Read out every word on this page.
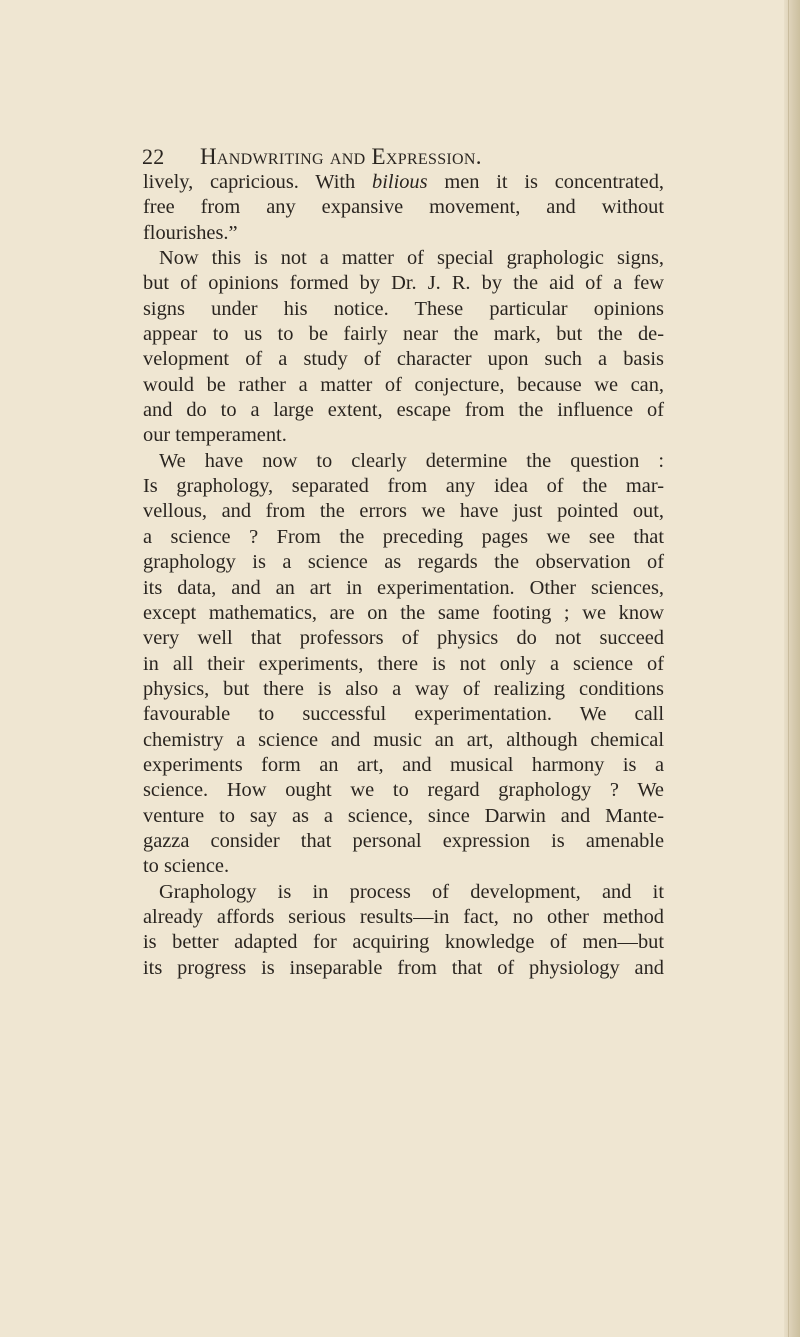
22 Handwriting and Expression.
lively, capricious. With bilious men it is concentrated,
free from any expansive movement, and without
flourishes.”
Now this is not a matter of special graphologic signs,
but of opinions formed by Dr. J. R. by the aid of a few
signs under his notice. These particular opinions
appear to us to be fairly near the mark, but the de-
velopment of a study of character upon such a basis
would be rather a matter of conjecture, because we can,
and do to a large extent, escape from the influence of
our temperament.
We have now to clearly determine the question :
Is graphology, separated from any idea of the mar-
vellous, and from the errors we have just pointed out,
a science ? From the preceding pages we see that
graphology is a science as regards the observation of
its data, and an art in experimentation. Other sciences,
except mathematics, are on the same footing ; we know
very well that professors of physics do not succeed
in all their experiments, there is not only a science of
physics, but there is also a way of realizing conditions
favourable to successful experimentation. We call
chemistry a science and music an art, although chemical
experiments form an art, and musical harmony is a
science. How ought we to regard graphology ? We
venture to say as a science, since Darwin and Mante-
gazza consider that personal expression is amenable
to science.
Graphology is in process of development, and it
already affords serious results—in fact, no other method
is better adapted for acquiring knowledge of men—but
its progress is inseparable from that of physiology and
